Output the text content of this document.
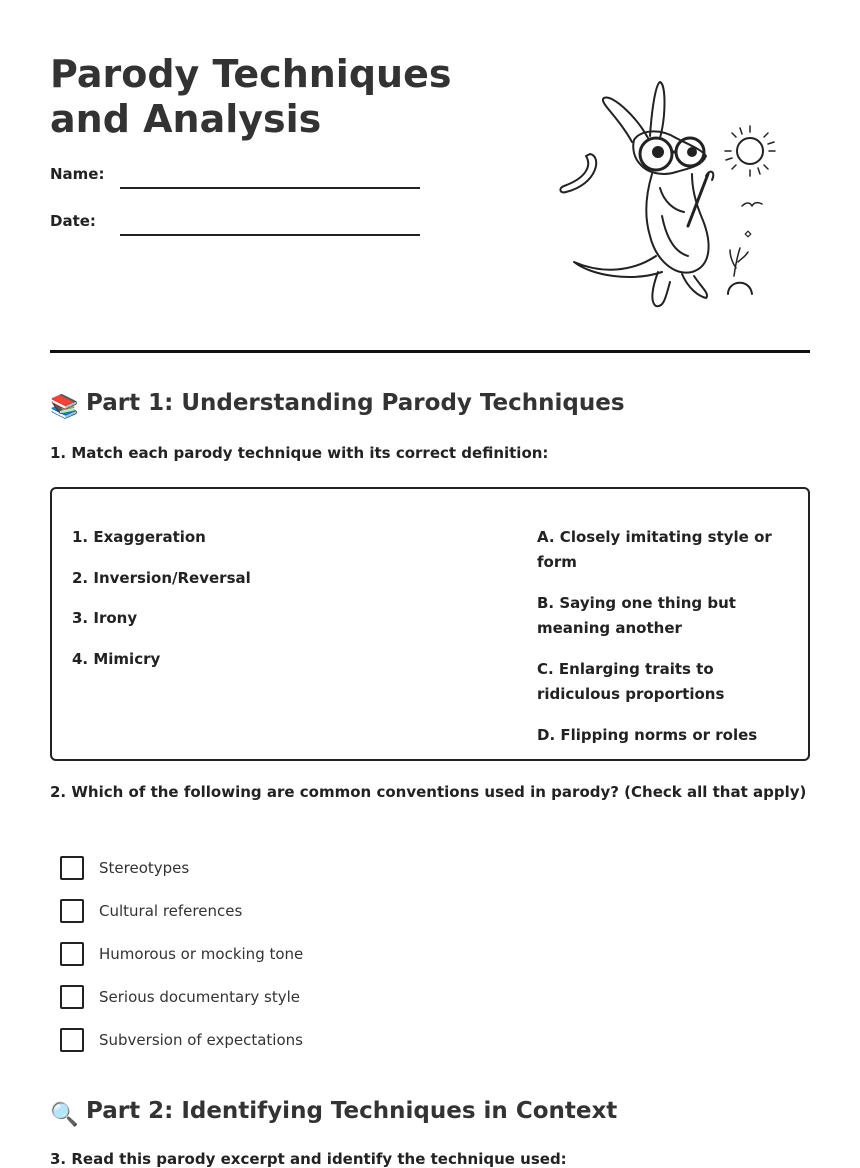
Parody Techniques and Analysis
Name:
Date:
📚 Part 1: Understanding Parody Techniques
1. Match each parody technique with its correct definition:
1. Exaggeration
2. Inversion/Reversal
3. Irony
4. Mimicry
A. Closely imitating style or form
B. Saying one thing but meaning another
C. Enlarging traits to ridiculous proportions
D. Flipping norms or roles
2. Which of the following are common conventions used in parody? (Check all that apply)
Stereotypes
Cultural references
Humorous or mocking tone
Serious documentary style
Subversion of expectations
🔍 Part 2: Identifying Techniques in Context
3. Read this parody excerpt and identify the technique used:
